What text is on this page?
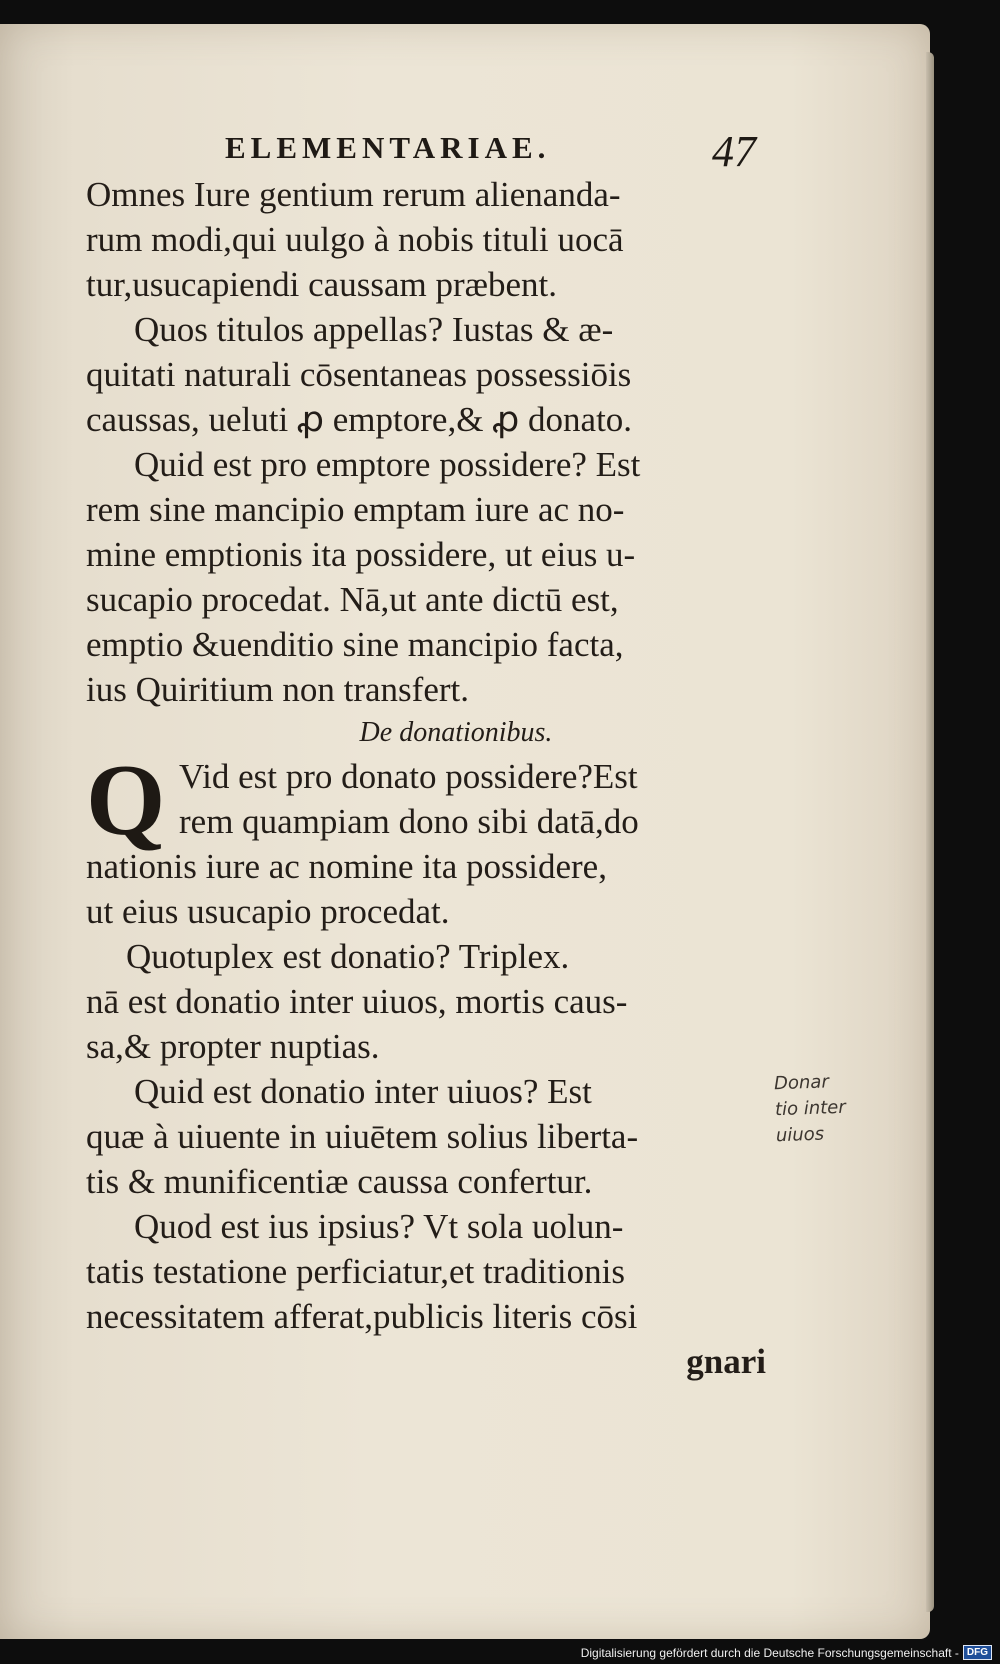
ELEMENTARIAE.	47
Omnes Iure gentium rerum alienanda-
rum modi,qui uulgo à nobis tituli uocā
tur,usucapiendi caussam præbent.
Quos titulos appellas? Iustas & æ-
quitati naturali cōsentaneas possessiōis
caussas, ueluti ꝓ emptore,& ꝓ donato.
Quid est pro emptore possidere? Est
rem sine mancipio emptam iure ac no-
mine emptionis ita possidere, ut eius u-
sucapio procedat. Nā,ut ante dictū est,
emptio &uenditio sine mancipio facta,
ius Quiritium non transfert.
De donationibus.
Q Vid est pro donato possidere?Est
rem quampiam dono sibi datā,do
nationis iure ac nomine ita possidere,
ut eius usucapio procedat.
Quotuplex est donatio? Triplex.
nā est donatio inter uiuos, mortis caus-
sa,& propter nuptias.
Quid est donatio inter uiuos? Est
quæ à uiuente in uiuētem solius liberta-
tis & munificentiæ caussa confertur.
Quod est ius ipsius? Vt sola uolun-
tatis testatione perficiatur,et traditionis
necessitatem afferat,publicis literis cōsi
gnari
Donar
tio inter
uiuos
Digitalisierung gefördert durch die Deutsche Forschungsgemeinschaft - DFG
